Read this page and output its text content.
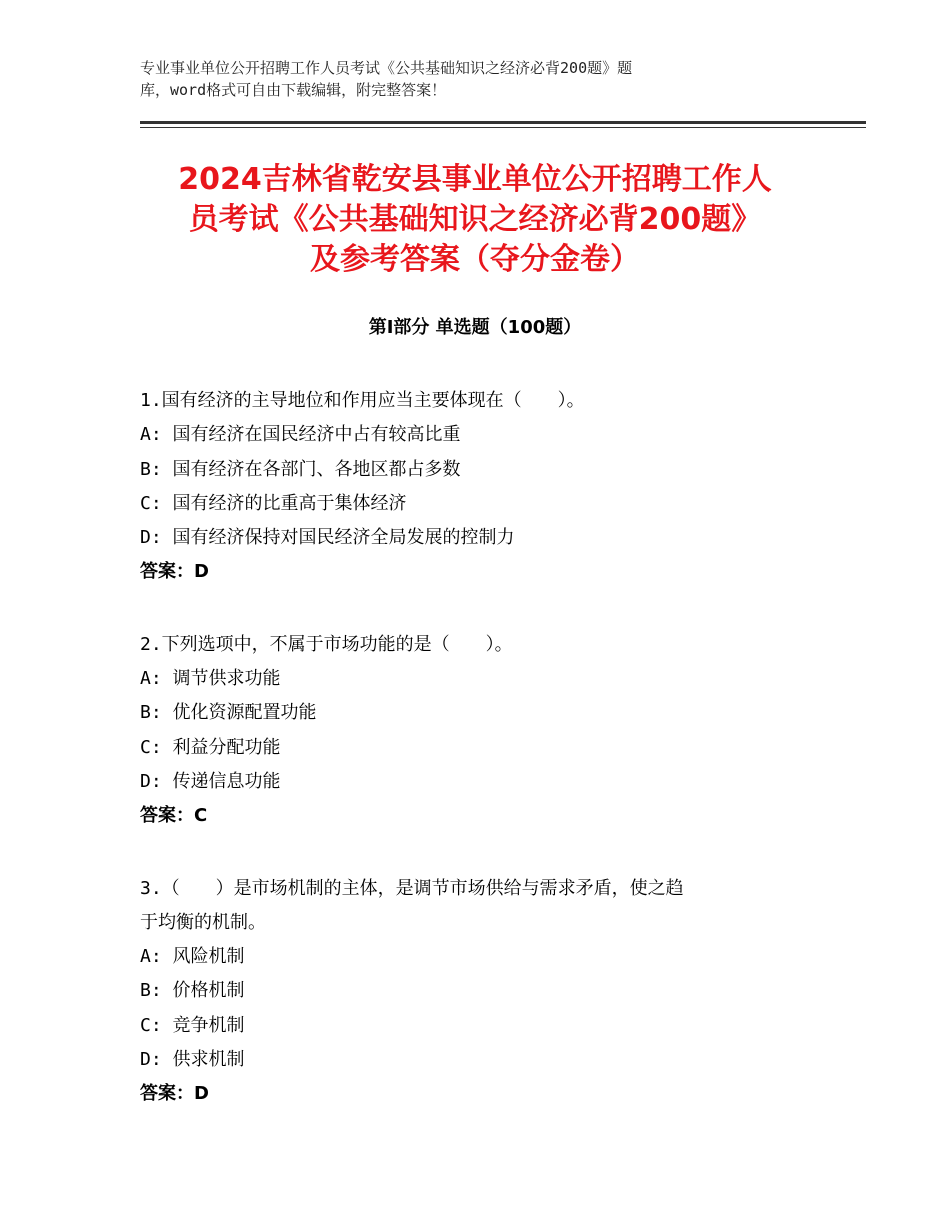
专业事业单位公开招聘工作人员考试《公共基础知识之经济必背200题》题
库，word格式可自由下载编辑，附完整答案！
2024吉林省乾安县事业单位公开招聘工作人
员考试《公共基础知识之经济必背200题》
及参考答案（夺分金卷）
第Ⅰ部分 单选题（100题）
1.国有经济的主导地位和作用应当主要体现在（　　）。
A: 国有经济在国民经济中占有较高比重
B: 国有经济在各部门、各地区都占多数
C: 国有经济的比重高于集体经济
D: 国有经济保持对国民经济全局发展的控制力
答案：D
2.下列选项中，不属于市场功能的是（　　）。
A: 调节供求功能
B: 优化资源配置功能
C: 利益分配功能
D: 传递信息功能
答案：C
3.（　　）是市场机制的主体，是调节市场供给与需求矛盾，使之趋
于均衡的机制。
A: 风险机制
B: 价格机制
C: 竞争机制
D: 供求机制
答案：D
